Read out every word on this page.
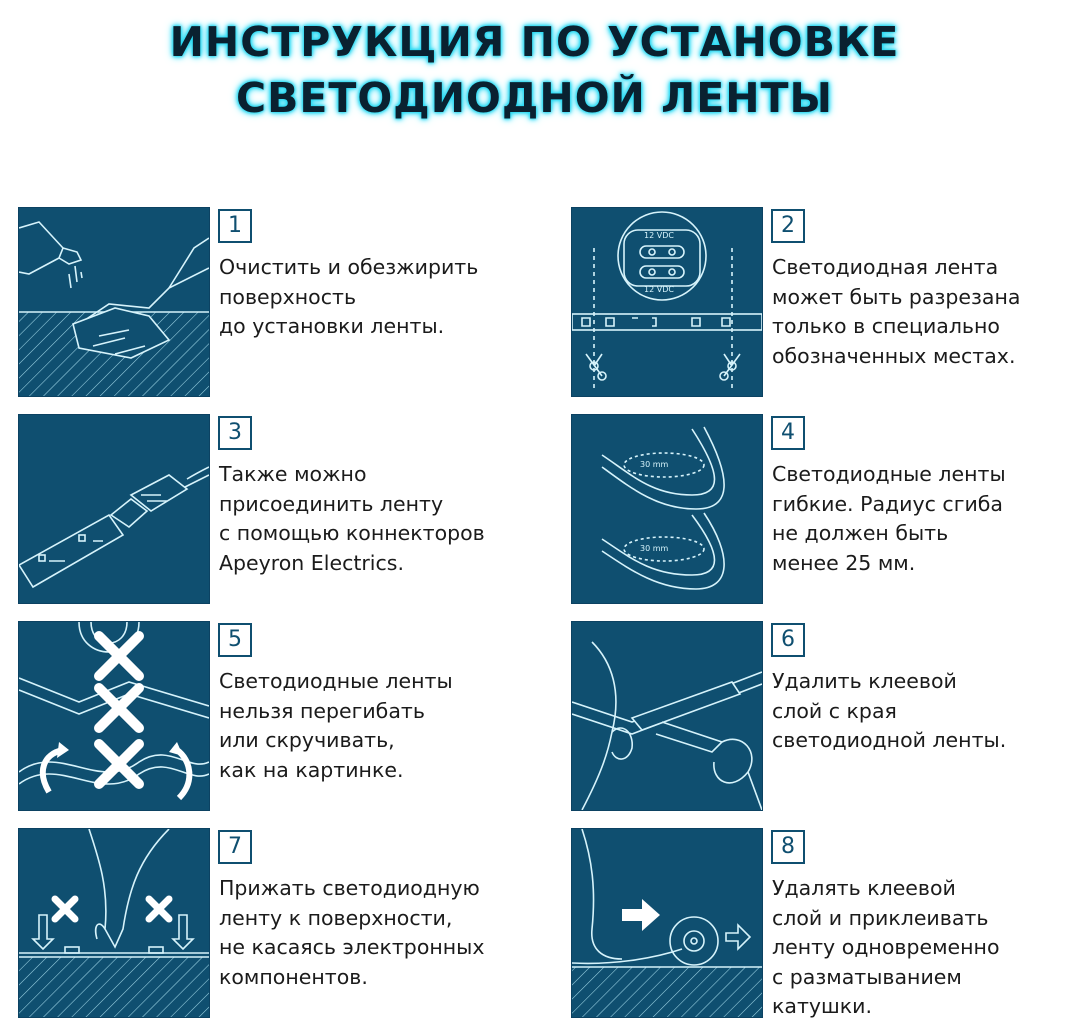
ИНСТРУКЦИЯ ПО УСТАНОВКЕ
СВЕТОДИОДНОЙ ЛЕНТЫ
1
Очистить и обезжирить
поверхность
до установки ленты.
12 VDC
12 VDC
2
Светодиодная лента
может быть разрезана
только в специально
обозначенных местах.
3
Также можно
присоединить ленту
с помощью коннекторов
Apeyron Electrics.
30 mm
30 mm
4
Светодиодные ленты
гибкие. Радиус сгиба
не должен быть
менее 25 мм.
5
Светодиодные ленты
нельзя перегибать
или скручивать,
как на картинке.
6
Удалить клеевой
слой с края
светодиодной ленты.
7
Прижать светодиодную
ленту к поверхности,
не касаясь электронных
компонентов.
8
Удалять клеевой
слой и приклеивать
ленту одновременно
с разматыванием
катушки.
